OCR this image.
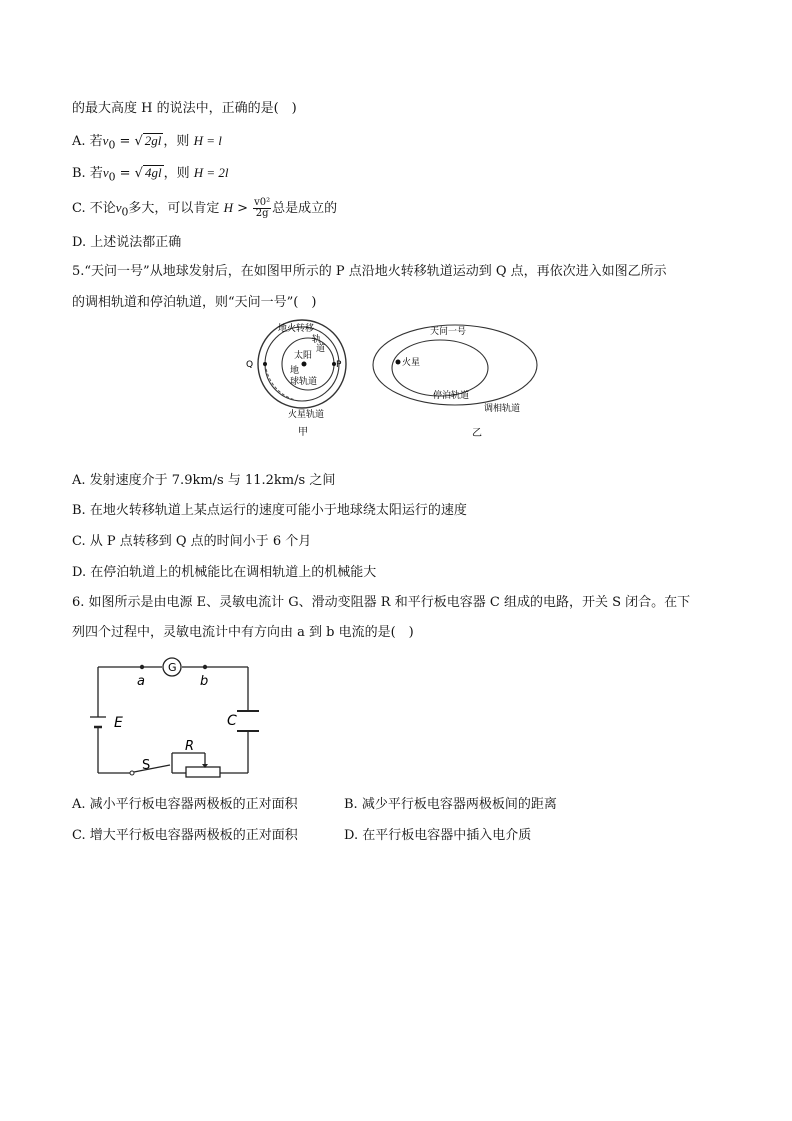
的最大高度 H 的说法中，正确的是(　)
A. 若$v_0$ = √ 2gl ，则 H = l
B. 若$v_0$ = √ 4gl ，则 H = 2l
C. 不论$v_0$多大，可以肯定 $H > \frac{\text{v0²}}{2g}$ 总是成立的
D. 上述说法都正确
5.“天问一号”从地球发射后，在如图甲所示的 P 点沿地火转移轨道运动到 Q 点，再依次进入如图乙所示
的调相轨道和停泊轨道，则“天问一号”(　)
地火转移
轨
道
太阳
地
球轨道
火星轨道
Q	P
甲
天问一号
火星
停泊轨道
调相轨道
乙
A. 发射速度介于 7.9km/s 与 11.2km/s 之间
B. 在地火转移轨道上某点运行的速度可能小于地球绕太阳运行的速度
C. 从 P 点转移到 Q 点的时间小于 6 个月
D. 在停泊轨道上的机械能比在调相轨道上的机械能大
6. 如图所示是由电源 E、灵敏电流计 G、滑动变阻器 R 和平行板电容器 C 组成的电路，开关 S 闭合。在下
列四个过程中，灵敏电流计中有方向由 a 到 b 电流的是(　)
G
a	b
E	C
R
S
A. 减小平行板电容器两极板的正对面积	B. 减少平行板电容器两极板间的距离
C. 增大平行板电容器两极板的正对面积	D. 在平行板电容器中插入电介质
